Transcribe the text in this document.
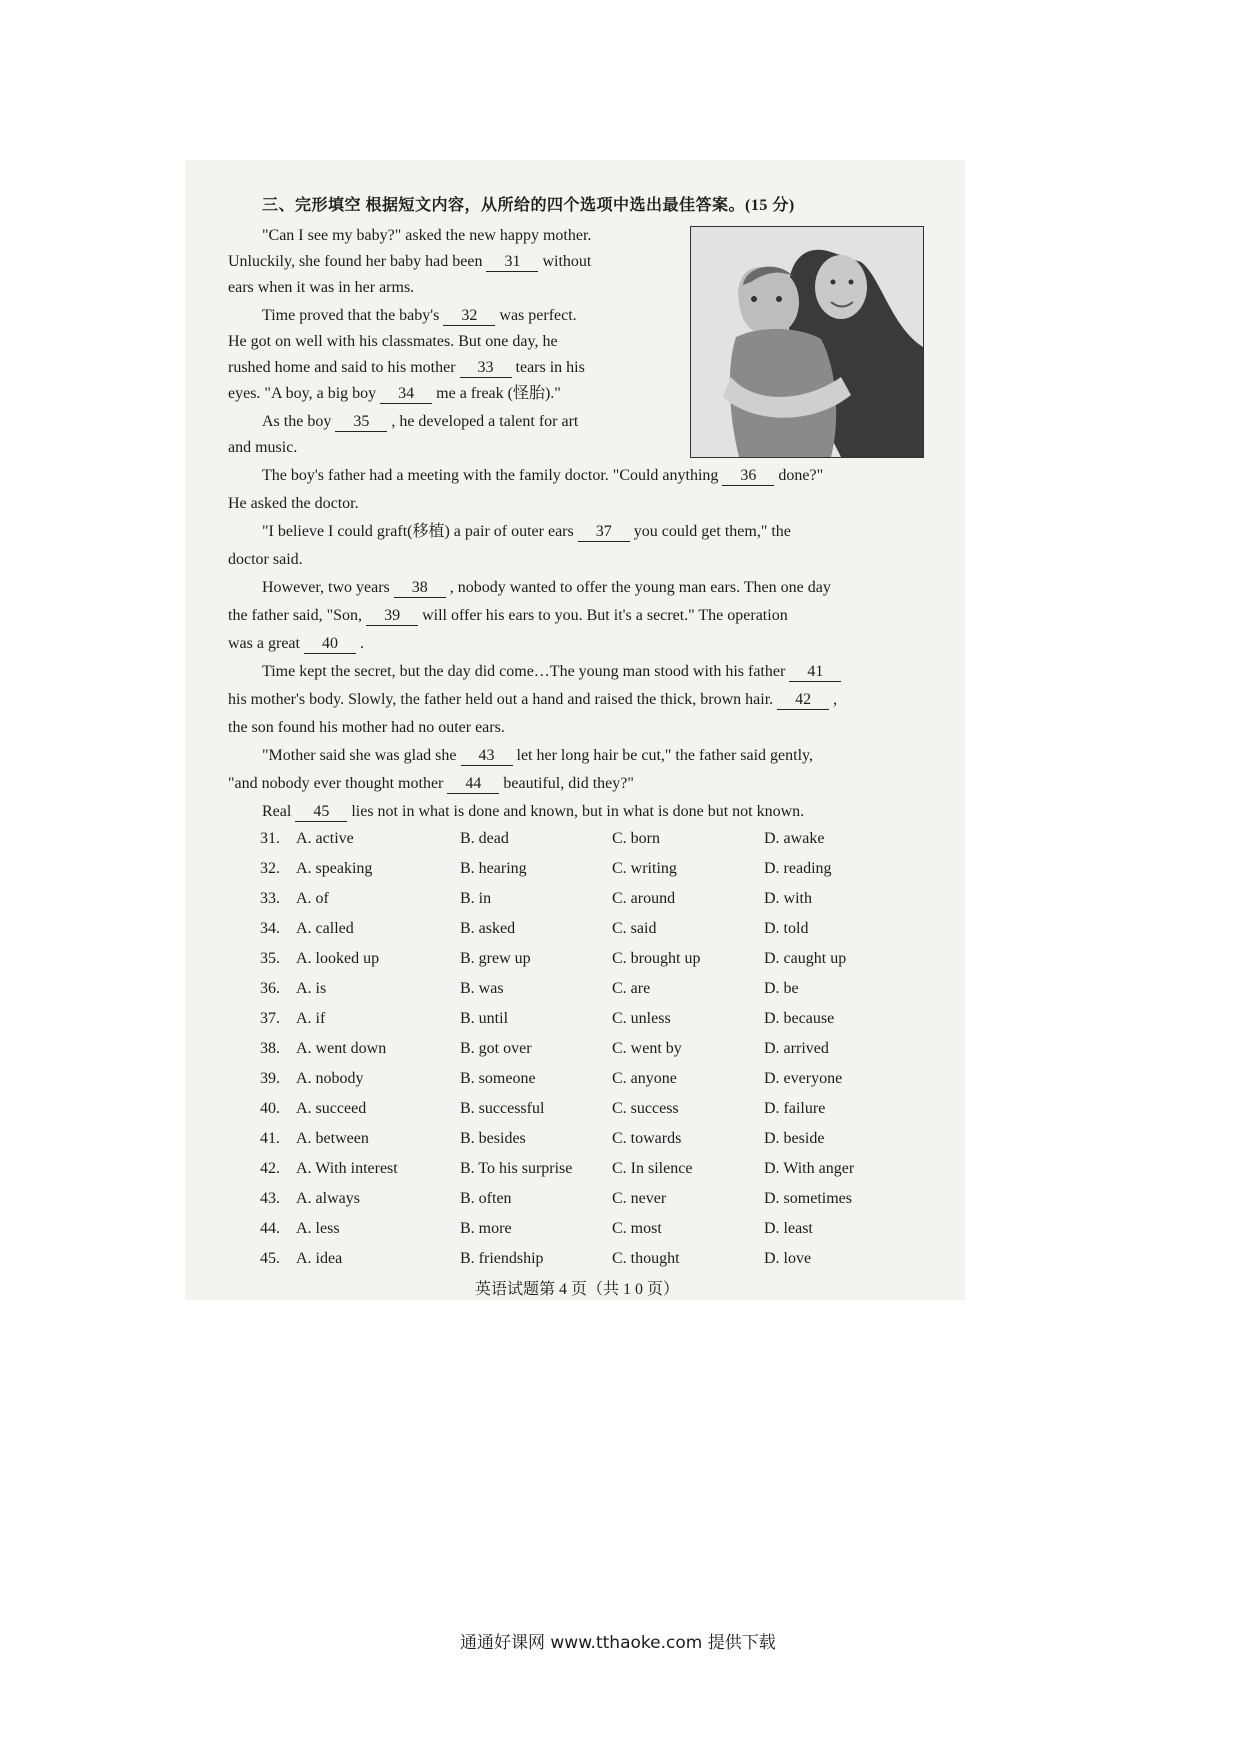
三、完形填空 根据短文内容，从所给的四个选项中选出最佳答案。(15 分)
"Can I see my baby?" asked the new happy mother.
Unluckily, she found her baby had been 31 without
ears when it was in her arms.
Time proved that the baby's 32 was perfect.
He got on well with his classmates. But one day, he
rushed home and said to his mother 33 tears in his
eyes. "A boy, a big boy 34 me a freak (怪胎)."
As the boy 35 , he developed a talent for art
and music.
The boy's father had a meeting with the family doctor. "Could anything 36 done?"
He asked the doctor.
"I believe I could graft(移植) a pair of outer ears 37 you could get them," the
doctor said.
However, two years 38 , nobody wanted to offer the young man ears. Then one day
the father said, "Son, 39 will offer his ears to you. But it's a secret." The operation
was a great 40 .
Time kept the secret, but the day did come…The young man stood with his father 41
his mother's body. Slowly, the father held out a hand and raised the thick, brown hair. 42 ,
the son found his mother had no outer ears.
"Mother said she was glad she 43 let her long hair be cut," the father said gently,
"and nobody ever thought mother 44 beautiful, did they?"
Real 45 lies not in what is done and known, but in what is done but not known.
31. A. active	B. dead	C. born	D. awake
32. A. speaking	B. hearing	C. writing	D. reading
33. A. of	B. in	C. around	D. with
34. A. called	B. asked	C. said	D. told
35. A. looked up	B. grew up	C. brought up	D. caught up
36. A. is	B. was	C. are	D. be
37. A. if	B. until	C. unless	D. because
38. A. went down	B. got over	C. went by	D. arrived
39. A. nobody	B. someone	C. anyone	D. everyone
40. A. succeed	B. successful	C. success	D. failure
41. A. between	B. besides	C. towards	D. beside
42. A. With interest	B. To his surprise C. In silence	D. With anger
43. A. always	B. often	C. never	D. sometimes
44. A. less	B. more	C. most	D. least
45. A. idea	B. friendship	C. thought	D. love
英语试题第 4 页（共 1 0 页）
通通好课网 www.tthaoke.com 提供下载
